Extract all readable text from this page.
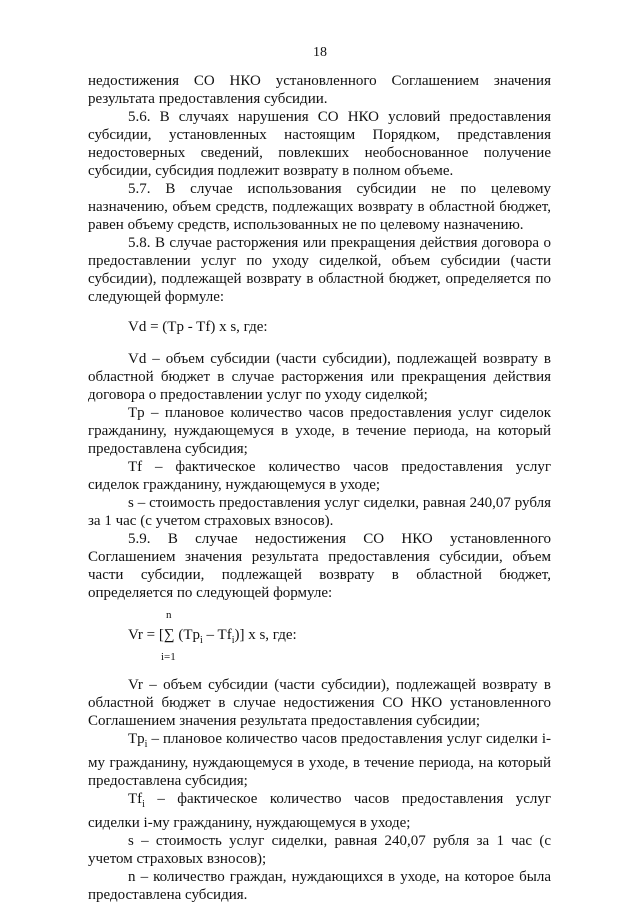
18

недостижения СО НКО установленного Соглашением значения результата предоставления субсидии.

5.6. В случаях нарушения СО НКО условий предоставления субсидии, установленных настоящим Порядком, представления недостоверных сведений, повлекших необоснованное получение субсидии, субсидия подлежит возврату в полном объеме.

5.7. В случае использования субсидии не по целевому назначению, объем средств, подлежащих возврату в областной бюджет, равен объему средств, использованных не по целевому назначению.

5.8. В случае расторжения или прекращения действия договора о предоставлении услуг по уходу сиделкой, объем субсидии (части субсидии), подлежащей возврату в областной бюджет, определяется по следующей формуле:

Vd = (Tp - Tf) x s, где:

Vd – объем субсидии (части субсидии), подлежащей возврату в областной бюджет в случае расторжения или прекращения действия договора о предоставлении услуг по уходу сиделкой;

Tp – плановое количество часов предоставления услуг сиделок гражданину, нуждающемуся в уходе, в течение периода, на который предоставлена субсидия;

Tf – фактическое количество часов предоставления услуг сиделок гражданину, нуждающемуся в уходе;

s – стоимость предоставления услуг сиделки, равная 240,07 рубля за 1 час (с учетом страховых взносов).

5.9. В случае недостижения СО НКО установленного Соглашением значения результата предоставления субсидии, объем части субсидии, подлежащей возврату в областной бюджет, определяется по следующей формуле:

n
Vr = [∑ $(Tp_i - Tf_i)$] x s, где:
i=1

Vr – объем субсидии (части субсидии), подлежащей возврату в областной бюджет в случае недостижения СО НКО установленного Соглашением значения результата предоставления субсидии;

$Tp_i$ – плановое количество часов предоставления услуг сиделки i-му гражданину, нуждающемуся в уходе, в течение периода, на который предоставлена субсидия;

$Tf_i$ – фактическое количество часов предоставления услуг сиделки i-му гражданину, нуждающемуся в уходе;

s – стоимость услуг сиделки, равная 240,07 рубля за 1 час (с учетом страховых взносов);

n – количество граждан, нуждающихся в уходе, на которое была предоставлена субсидия.
